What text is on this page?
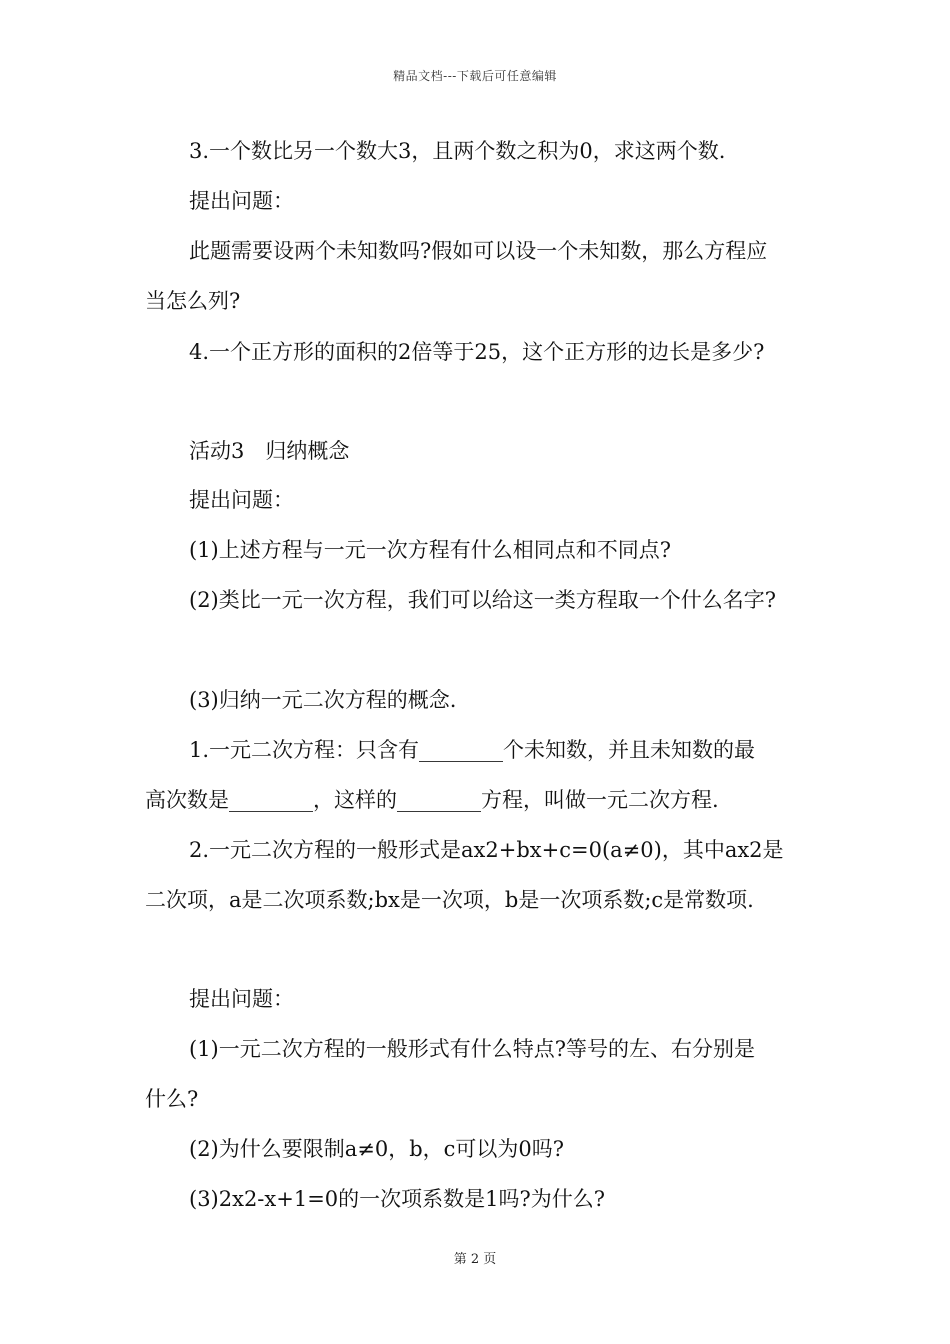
精品文档---下载后可任意编辑
3.一个数比另一个数大3，且两个数之积为0，求这两个数.
提出问题：
此题需要设两个未知数吗?假如可以设一个未知数，那么方程应
当怎么列?
4.一个正方形的面积的2倍等于25，这个正方形的边长是多少?
活动3　归纳概念
提出问题：
(1)上述方程与一元一次方程有什么相同点和不同点?
(2)类比一元一次方程，我们可以给这一类方程取一个什么名字?
(3)归纳一元二次方程的概念.
1.一元二次方程：只含有________个未知数，并且未知数的最
高次数是________，这样的________方程，叫做一元二次方程.
2.一元二次方程的一般形式是ax2+bx+c=0(a≠0)，其中ax2是
二次项，a是二次项系数;bx是一次项，b是一次项系数;c是常数项.
提出问题：
(1)一元二次方程的一般形式有什么特点?等号的左、右分别是
什么?
(2)为什么要限制a≠0，b，c可以为0吗?
(3)2x2-x+1=0的一次项系数是1吗?为什么?
第 2 页
